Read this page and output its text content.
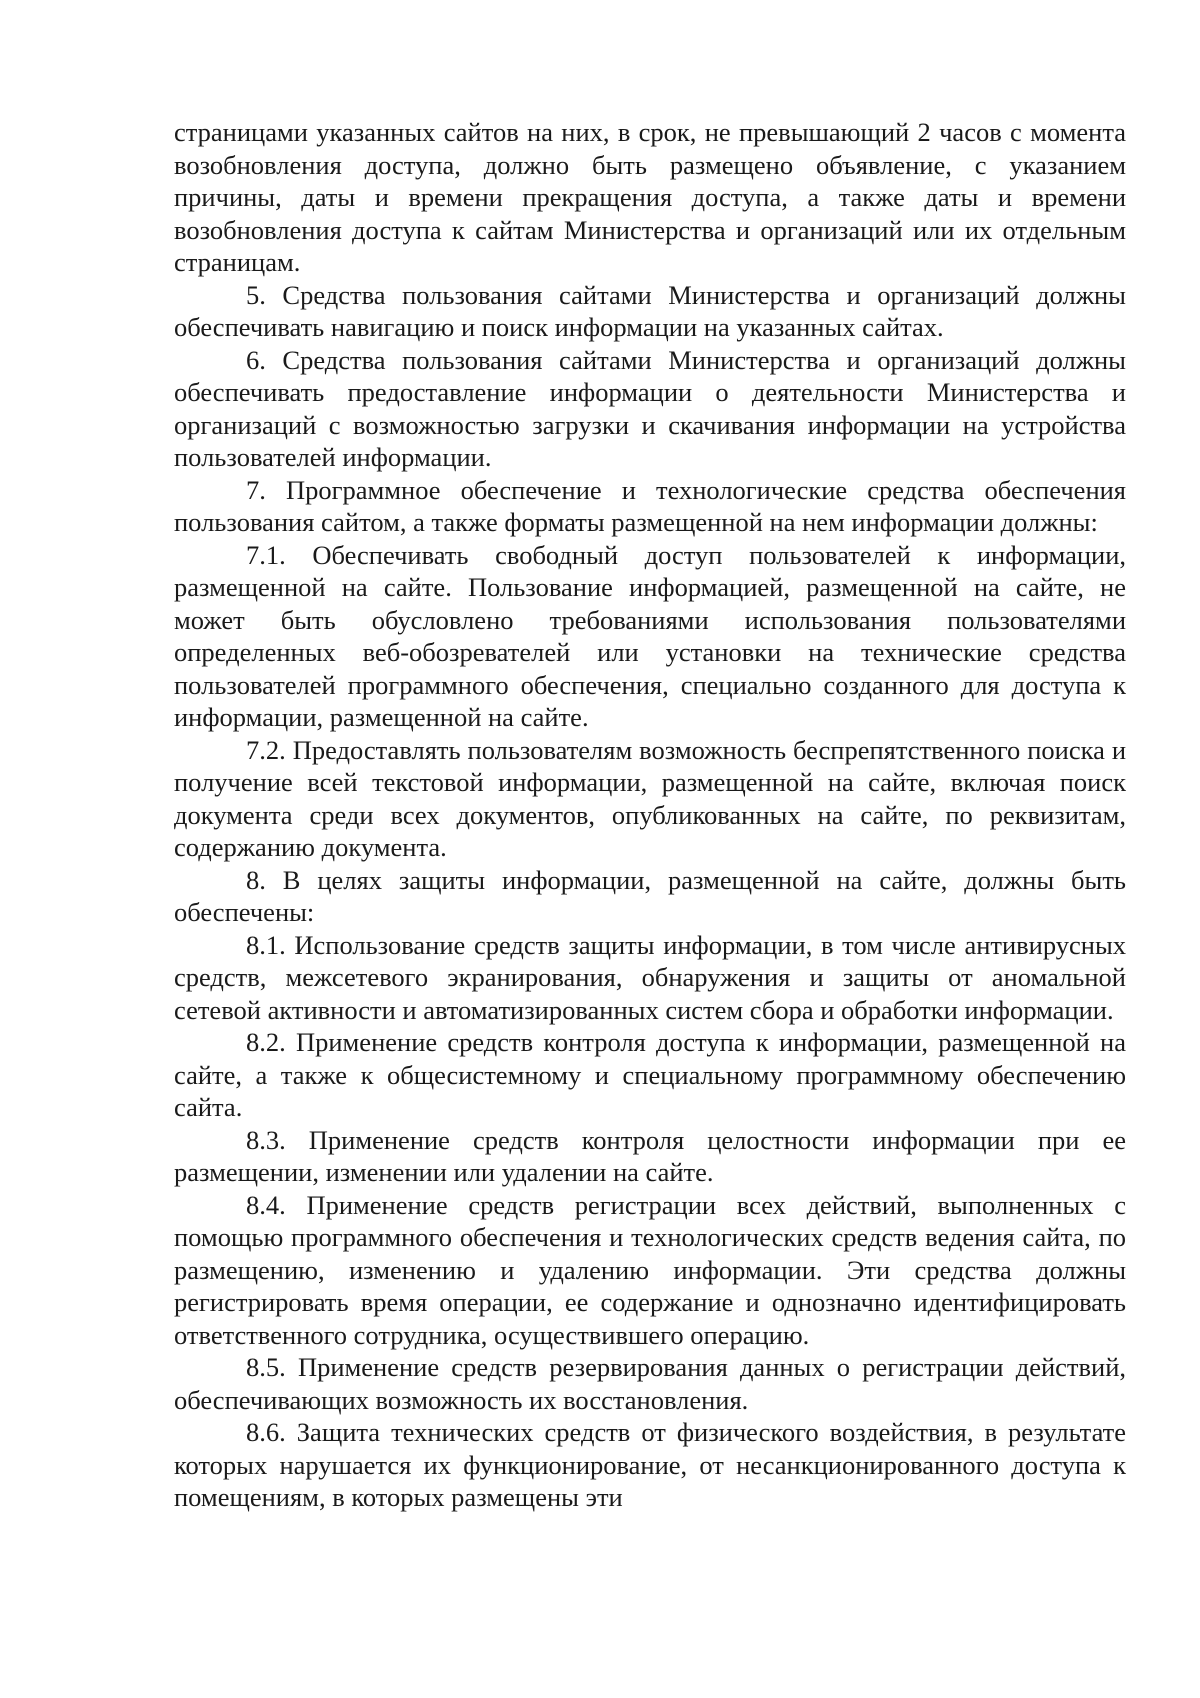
страницами указанных сайтов на них, в срок, не превышающий 2 часов с момента возобновления доступа, должно быть размещено объявление, с указанием причины, даты и времени прекращения доступа, а также даты и времени возобновления доступа к сайтам Министерства и организаций или их отдельным страницам.

5. Средства пользования сайтами Министерства и организаций должны обеспечивать навигацию и поиск информации на указанных сайтах.

6. Средства пользования сайтами Министерства и организаций должны обеспечивать предоставление информации о деятельности Министерства и организаций с возможностью загрузки и скачивания информации на устройства пользователей информации.

7. Программное обеспечение и технологические средства обеспечения пользования сайтом, а также форматы размещенной на нем информации должны:

7.1. Обеспечивать свободный доступ пользователей к информации, размещенной на сайте. Пользование информацией, размещенной на сайте, не может быть обусловлено требованиями использования пользователями определенных веб-обозревателей или установки на технические средства пользователей программного обеспечения, специально созданного для доступа к информации, размещенной на сайте.

7.2. Предоставлять пользователям возможность беспрепятственного поиска и получение всей текстовой информации, размещенной на сайте, включая поиск документа среди всех документов, опубликованных на сайте, по реквизитам, содержанию документа.

8. В целях защиты информации, размещенной на сайте, должны быть обеспечены:

8.1. Использование средств защиты информации, в том числе антивирусных средств, межсетевого экранирования, обнаружения и защиты от аномальной сетевой активности и автоматизированных систем сбора и обработки информации.

8.2. Применение средств контроля доступа к информации, размещенной на сайте, а также к общесистемному и специальному программному обеспечению сайта.

8.3. Применение средств контроля целостности информации при ее размещении, изменении или удалении на сайте.

8.4. Применение средств регистрации всех действий, выполненных с помощью программного обеспечения и технологических средств ведения сайта, по размещению, изменению и удалению информации. Эти средства должны регистрировать время операции, ее содержание и однозначно идентифицировать ответственного сотрудника, осуществившего операцию.

8.5. Применение средств резервирования данных о регистрации действий, обеспечивающих возможность их восстановления.

8.6. Защита технических средств от физического воздействия, в результате которых нарушается их функционирование, от несанкционированного доступа к помещениям, в которых размещены эти
